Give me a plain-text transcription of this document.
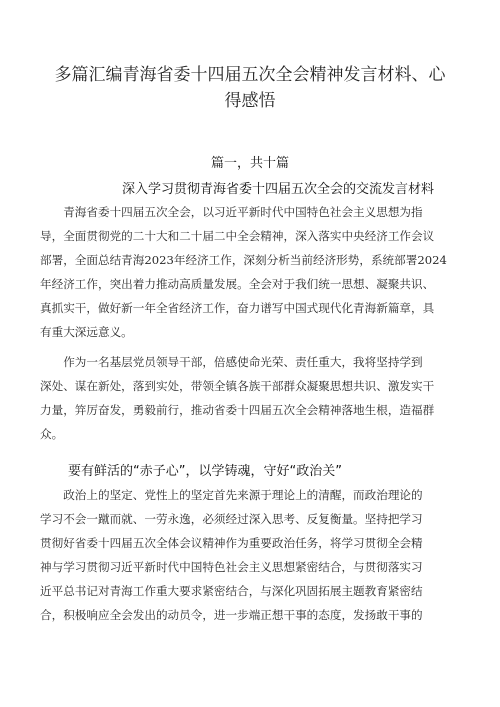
多篇汇编青海省委十四届五次全会精神发言材料、心
得感悟
篇一，共十篇
深入学习贯彻青海省委十四届五次全会的交流发言材料
　　青海省委十四届五次全会，以习近平新时代中国特色社会主义思想为指
导，全面贯彻党的二十大和二十届二中全会精神，深入落实中央经济工作会议
部署，全面总结青海2023年经济工作，深刻分析当前经济形势，系统部署2024
年经济工作，突出着力推动高质量发展。全会对于我们统一思想、凝聚共识、
真抓实干，做好新一年全省经济工作，奋力谱写中国式现代化青海新篇章，具
有重大深远意义。
　　作为一名基层党员领导干部，倍感使命光荣、责任重大，我将坚持学到
深处、谋在新处，落到实处，带领全镇各族干部群众凝聚思想共识、激发实干
力量，笄厉奋发，勇毅前行，推动省委十四届五次全会精神落地生根，造福群
众。
要有鲜活的“赤子心”，以学铸魂，守好“政治关”
　　政治上的坚定、党性上的坚定首先来源于理论上的清醒，而政治理论的
学习不会一蹴而就、一劳永逸，必须经过深入思考、反复衡量。坚持把学习
贯彻好省委十四届五次全体会议精神作为重要政治任务，将学习贯彻全会精
神与学习贯彻习近平新时代中国特色社会主义思想紧密结合，与贯彻落实习
近平总书记对青海工作重大要求紧密结合，与深化巩固拓展主题教育紧密结
合，积极响应全会发出的动员令，进一步端正想干事的态度，发扬敢干事的
